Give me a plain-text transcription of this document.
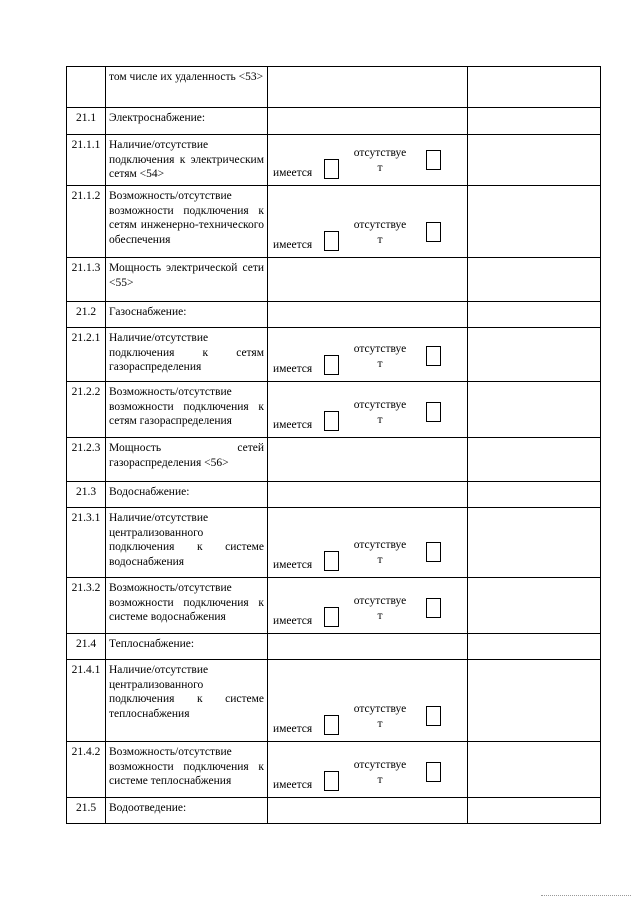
	том числе их удаленность <53>		
21.1	Электроснабжение:		
21.1.1	Наличие/отсутствие подключения к электрическим сетям <54>	имеется
отсутствуе
т	

21.1.2	Возможность/отсутствие возможности подключения к сетям инженерно-технического обеспечения	имеется
отсутствуе
т	

21.1.3	Мощность электрической сети <55>		
21.2	Газоснабжение:		
21.2.1	Наличие/отсутствие подключения к сетям газораспределения	имеется
отсутствуе
т	

21.2.2	Возможность/отсутствие возможности подключения к сетям газораспределения	имеется
отсутствуе
т	

21.2.3	Мощность сетей газораспределения <56>		
21.3	Водоснабжение:		
21.3.1	Наличие/отсутствие централизованного подключения к системе водоснабжения	имеется
отсутствуе
т	

21.3.2	Возможность/отсутствие возможности подключения к системе водоснабжения	имеется
отсутствуе
т	

21.4	Теплоснабжение:		
21.4.1	Наличие/отсутствие централизованного подключения к системе теплоснабжения	имеется
отсутствуе
т	

21.4.2	Возможность/отсутствие возможности подключения к системе теплоснабжения	имеется
отсутствуе
т	

21.5	Водоотведение:		
